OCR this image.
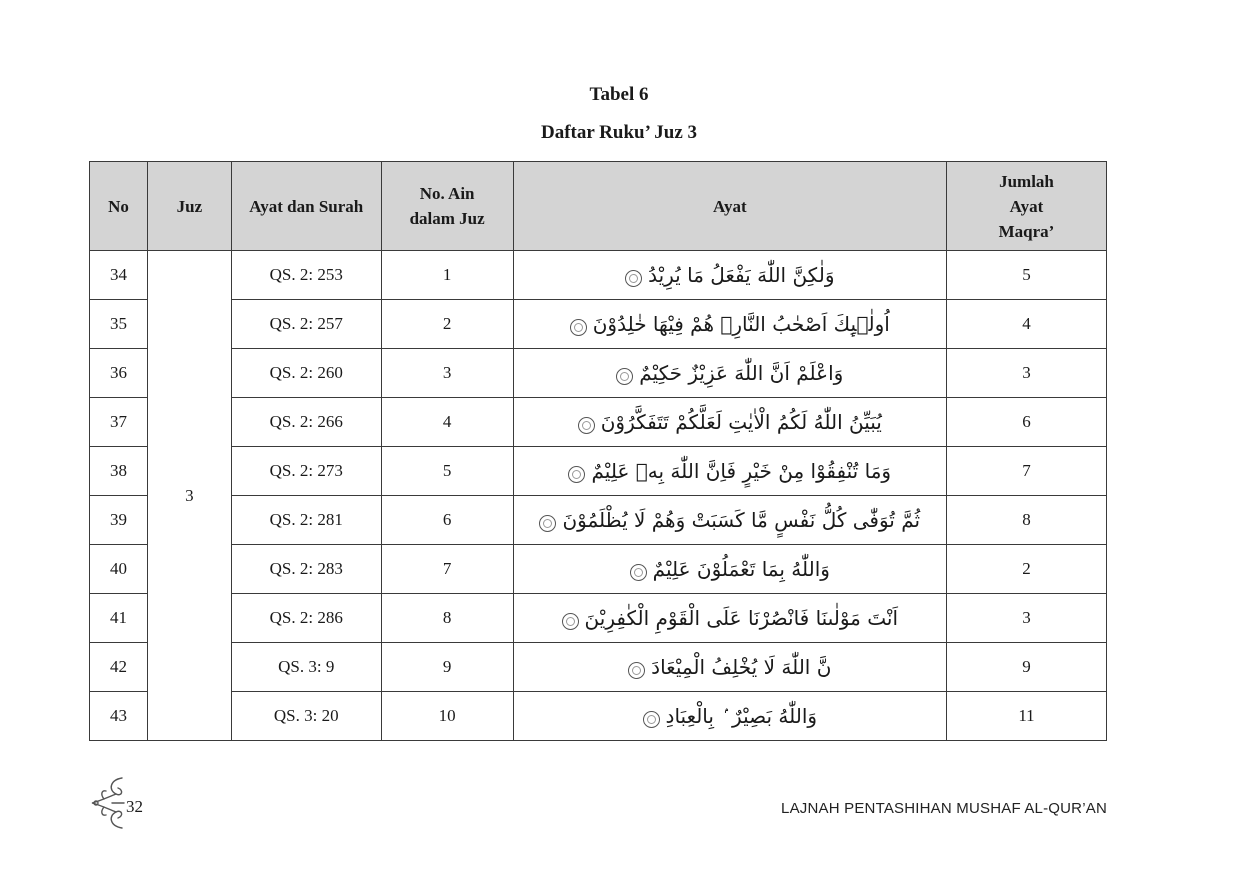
Tabel 6
Daftar Ruku’ Juz 3
No	Juz	Ayat dan Surah	No. Ain dalam Juz	Ayat	Jumlah Ayat Maqra’
34	3	QS. 2: 253	1	وَلٰكِنَّ اللّٰهَ يَفْعَلُ مَا يُرِيْدُ	5
35		QS. 2: 257	2	اُولٰۤىِٕكَ اَصْحٰبُ النَّارِۚ هُمْ فِيْهَا خٰلِدُوْنَ	4
36		QS. 2: 260	3	وَاعْلَمْ اَنَّ اللّٰهَ عَزِيْزٌ حَكِيْمٌ	3
37		QS. 2: 266	4	يُبَيِّنُ اللّٰهُ لَكُمُ الْاٰيٰتِ لَعَلَّكُمْ تَتَفَكَّرُوْنَ	6
38		QS. 2: 273	5	وَمَا تُنْفِقُوْا مِنْ خَيْرٍ فَاِنَّ اللّٰهَ بِهٖ عَلِيْمٌ	7
39		QS. 2: 281	6	ثُمَّ تُوَفّٰى كُلُّ نَفْسٍ مَّا كَسَبَتْ وَهُمْ لَا يُظْلَمُوْنَ	8
40		QS. 2: 283	7	وَاللّٰهُ بِمَا تَعْمَلُوْنَ عَلِيْمٌ	2
41		QS. 2: 286	8	اَنْتَ مَوْلٰىنَا فَانْصُرْنَا عَلَى الْقَوْمِ الْكٰفِرِيْنَ	3
42		QS. 3: 9	9	نَّ اللّٰهَ لَا يُخْلِفُ الْمِيْعَادَ	9
43		QS. 3: 20	10	وَاللّٰهُ بَصِيْرٌ ۢ بِالْعِبَادِ	11
32	LAJNAH PENTASHIHAN MUSHAF AL-QUR’AN
